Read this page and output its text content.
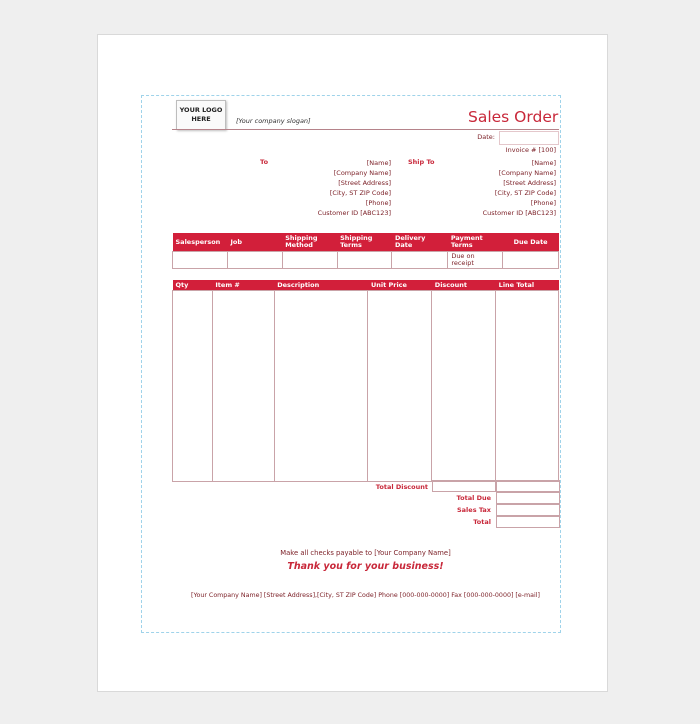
YOUR LOGO
HERE	[Your company slogan]	Sales Order
Date:
Invoice # [100]
To	[Name]
[Company Name]
[Street Address]
[City, ST ZIP Code]
[Phone]
Customer ID [ABC123]
Ship To	[Name]
[Company Name]
[Street Address]
[City, ST ZIP Code]
[Phone]
Customer ID [ABC123]
Salesperson	Job	Shipping Method	Shipping Terms	Delivery Date	Payment Terms	Due Date
					Due on receipt	
Qty	Item #	Description	Unit Price	Discount	Line Total

Total Discount
Total Due
Sales Tax
Total
Make all checks payable to [Your Company Name]
Thank you for your business!
[Your Company Name] [Street Address],[City, ST ZIP Code] Phone [000-000-0000] Fax [000-000-0000] [e-mail]
